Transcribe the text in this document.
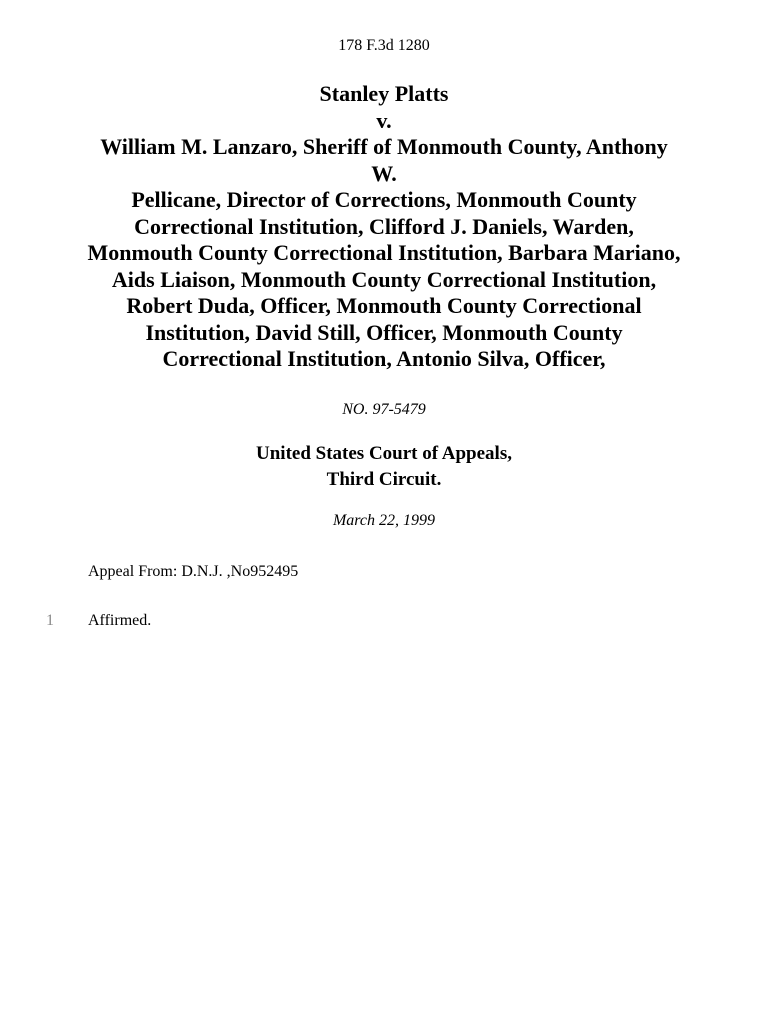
178 F.3d 1280
Stanley Platts
v.
William M. Lanzaro, Sheriff of Monmouth County, Anthony
W.
Pellicane, Director of Corrections, Monmouth County
Correctional Institution, Clifford J. Daniels, Warden,
Monmouth County Correctional Institution, Barbara Mariano,
Aids Liaison, Monmouth County Correctional Institution,
Robert Duda, Officer, Monmouth County Correctional
Institution, David Still, Officer, Monmouth County
Correctional Institution, Antonio Silva, Officer,
NO. 97-5479
United States Court of Appeals,
Third Circuit.
March 22, 1999
Appeal From: D.N.J. ,No952495
1 Affirmed.
